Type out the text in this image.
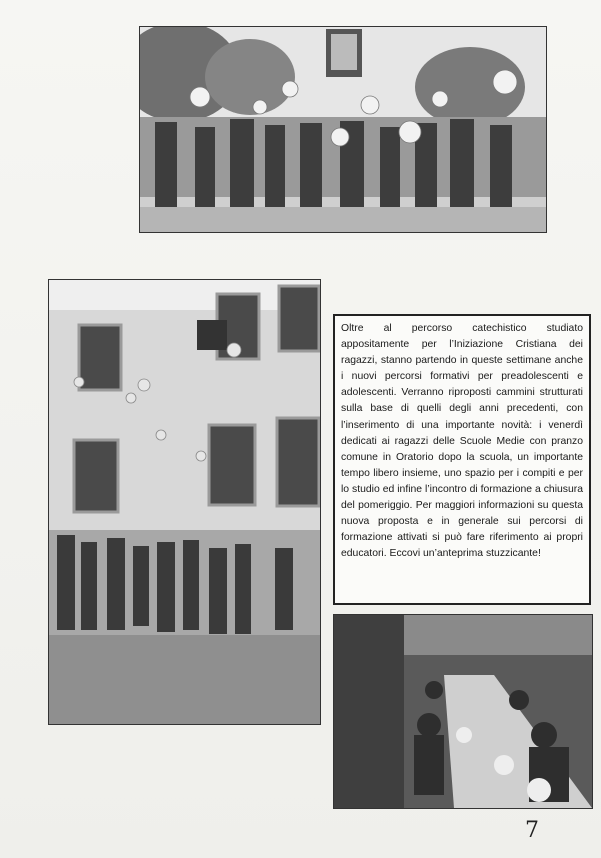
Oltre al percorso catechistico studiato appositamente per l’Iniziazione Cristiana dei ragazzi, stanno partendo in queste settimane anche i nuovi percorsi formativi per preadolescenti e adolescenti. Verranno riproposti cammini strutturati sulla base di quelli degli anni precedenti, con l’inserimento di una importante novità: i venerdì dedicati ai ragazzi delle Scuole Medie con pranzo comune in Oratorio dopo la scuola, un importante tempo libero insieme, uno spazio per i compiti e per lo studio ed infine l’incontro di formazione a chiusura del pomeriggio. Per maggiori informazioni su questa nuova proposta e in generale sui percorsi di formazione attivati si può fare riferimento ai propri educatori. Eccovi un’anteprima stuzzicante!
7
